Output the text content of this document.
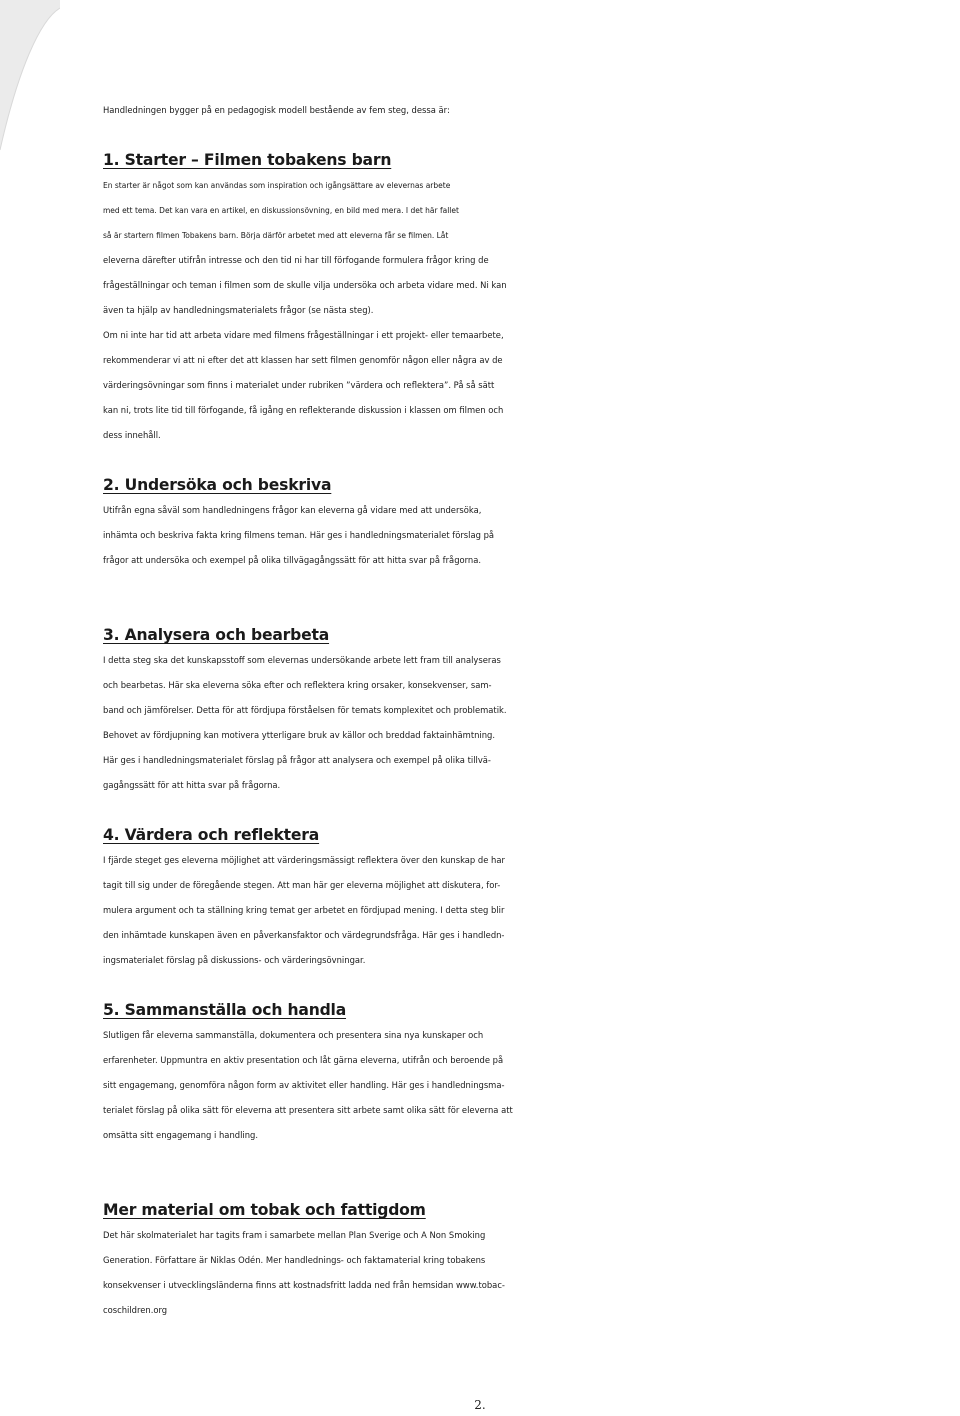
Handledningen bygger på en pedagogisk modell bestående av fem steg, dessa är:

1. Starter – Filmen tobakens barn
En starter är något som kan användas som inspiration och igångsättare av elevernas arbete
med ett tema. Det kan vara en artikel, en diskussionsövning, en bild med mera. I det här fallet
så är startern filmen Tobakens barn. Börja därför arbetet med att eleverna får se filmen. Låt
eleverna därefter utifrån intresse och den tid ni har till förfogande formulera frågor kring de
frågeställningar och teman i filmen som de skulle vilja undersöka och arbeta vidare med. Ni kan
även ta hjälp av handledningsmaterialets frågor (se nästa steg).
Om ni inte har tid att arbeta vidare med filmens frågeställningar i ett projekt- eller temaarbete,
rekommenderar vi att ni efter det att klassen har sett filmen genomför någon eller några av de
värderingsövningar som finns i materialet under rubriken ”värdera och reflektera”. På så sätt
kan ni, trots lite tid till förfogande, få igång en reflekterande diskussion i klassen om filmen och
dess innehåll.
2. Undersöka och beskriva
Utifrån egna såväl som handledningens frågor kan eleverna gå vidare med att undersöka,
inhämta och beskriva fakta kring filmens teman. Här ges i handledningsmaterialet förslag på
frågor att undersöka och exempel på olika tillvägagångssätt för att hitta svar på frågorna.
3. Analysera och bearbeta
I detta steg ska det kunskapsstoff som elevernas undersökande arbete lett fram till analyseras
och bearbetas. Här ska eleverna söka efter och reflektera kring orsaker, konsekvenser, sam-
band och jämförelser. Detta för att fördjupa förståelsen för temats komplexitet och problematik.
Behovet av fördjupning kan motivera ytterligare bruk av källor och breddad faktainhämtning.
Här ges i handledningsmaterialet förslag på frågor att analysera och exempel på olika tillvä-
gagångssätt för att hitta svar på frågorna.
4. Värdera och reflektera
I fjärde steget ges eleverna möjlighet att värderingsmässigt reflektera över den kunskap de har
tagit till sig under de föregående stegen. Att man här ger eleverna möjlighet att diskutera, for-
mulera argument och ta ställning kring temat ger arbetet en fördjupad mening. I detta steg blir
den inhämtade kunskapen även en påverkansfaktor och värdegrundsfråga. Här ges i handledn-
ingsmaterialet förslag på diskussions- och värderingsövningar.
5. Sammanställa och handla
Slutligen får eleverna sammanställa, dokumentera och presentera sina nya kunskaper och
erfarenheter. Uppmuntra en aktiv presentation och låt gärna eleverna, utifrån och beroende på
sitt engagemang, genomföra någon form av aktivitet eller handling. Här ges i handledningsma-
terialet förslag på olika sätt för eleverna att presentera sitt arbete samt olika sätt för eleverna att
omsätta sitt engagemang i handling.
Mer material om tobak och fattigdom
Det här skolmaterialet har tagits fram i samarbete mellan Plan Sverige och A Non Smoking
Generation. Författare är Niklas Odén. Mer handlednings- och faktamaterial kring tobakens
konsekvenser i utvecklingsländerna finns att kostnadsfritt ladda ned från hemsidan www.tobac-
coschildren.org
2.
